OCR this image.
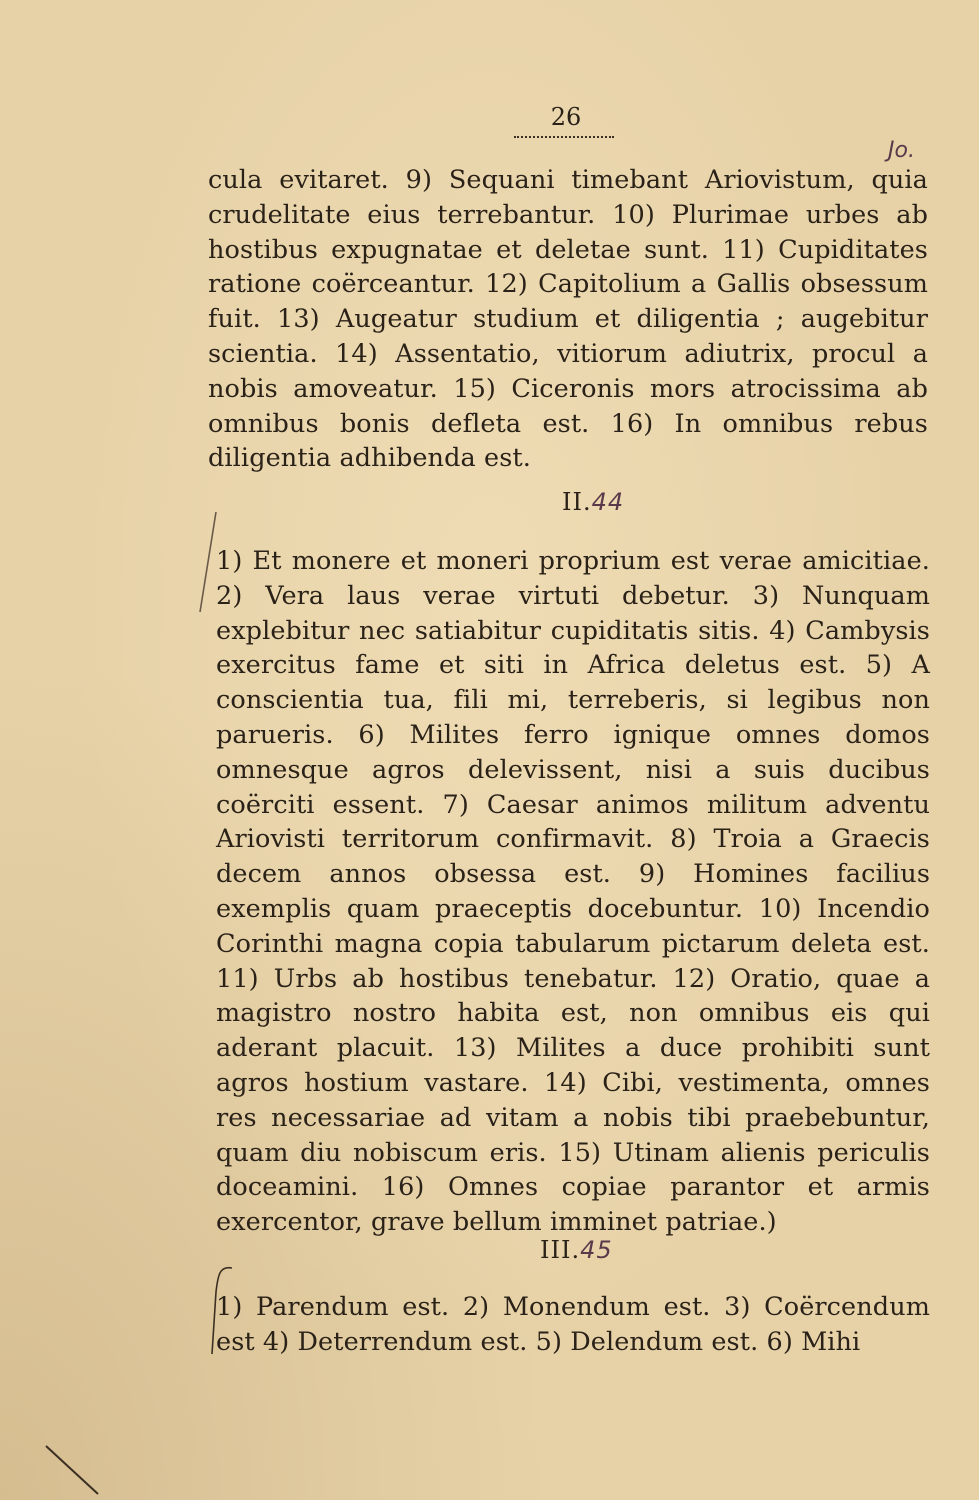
26
Jo.

cula evitaret. 9) Sequani timebant Ariovistum, quia crudelitate eius terrebantur. 10) Plurimae urbes ab hostibus expugnatae et deletae sunt. 11) Cupiditates ratione coërceantur. 12) Capitolium a Gallis obsessum fuit. 13) Augeatur studium et diligentia ; augebitur scientia. 14) Assentatio, vitiorum adiutrix, procul a nobis amoveatur. 15) Ciceronis mors atrocissima ab omnibus bonis defleta est. 16) In omnibus rebus diligentia adhibenda est.

II.44

1) Et monere et moneri proprium est verae amicitiae. 2) Vera laus verae virtuti debetur. 3) Nunquam explebitur nec satiabitur cupiditatis sitis. 4) Cambysis exercitus fame et siti in Africa deletus est. 5) A conscientia tua, fili mi, terreberis, si legibus non parueris. 6) Milites ferro ignique omnes domos omnesque agros delevissent, nisi a suis ducibus coërciti essent. 7) Caesar animos militum adventu Ariovisti territorum confirmavit. 8) Troia a Graecis decem annos obsessa est. 9) Homines facilius exemplis quam praeceptis docebuntur. 10) Incendio Corinthi magna copia tabularum pictarum deleta est. 11) Urbs ab hostibus tenebatur. 12) Oratio, quae a magistro nostro habita est, non omnibus eis qui aderant placuit. 13) Milites a duce prohibiti sunt agros hostium vastare. 14) Cibi, vestimenta, omnes res necessariae ad vitam a nobis tibi praebebuntur, quam diu nobiscum eris. 15) Utinam alienis periculis doceamini. 16) Omnes copiae parantor et armis exercentor, grave bellum imminet patriae.)

III.45

1) Parendum est. 2) Monendum est. 3) Coërcendum est 4) Deterrendum est. 5) Delendum est. 6) Mihi
